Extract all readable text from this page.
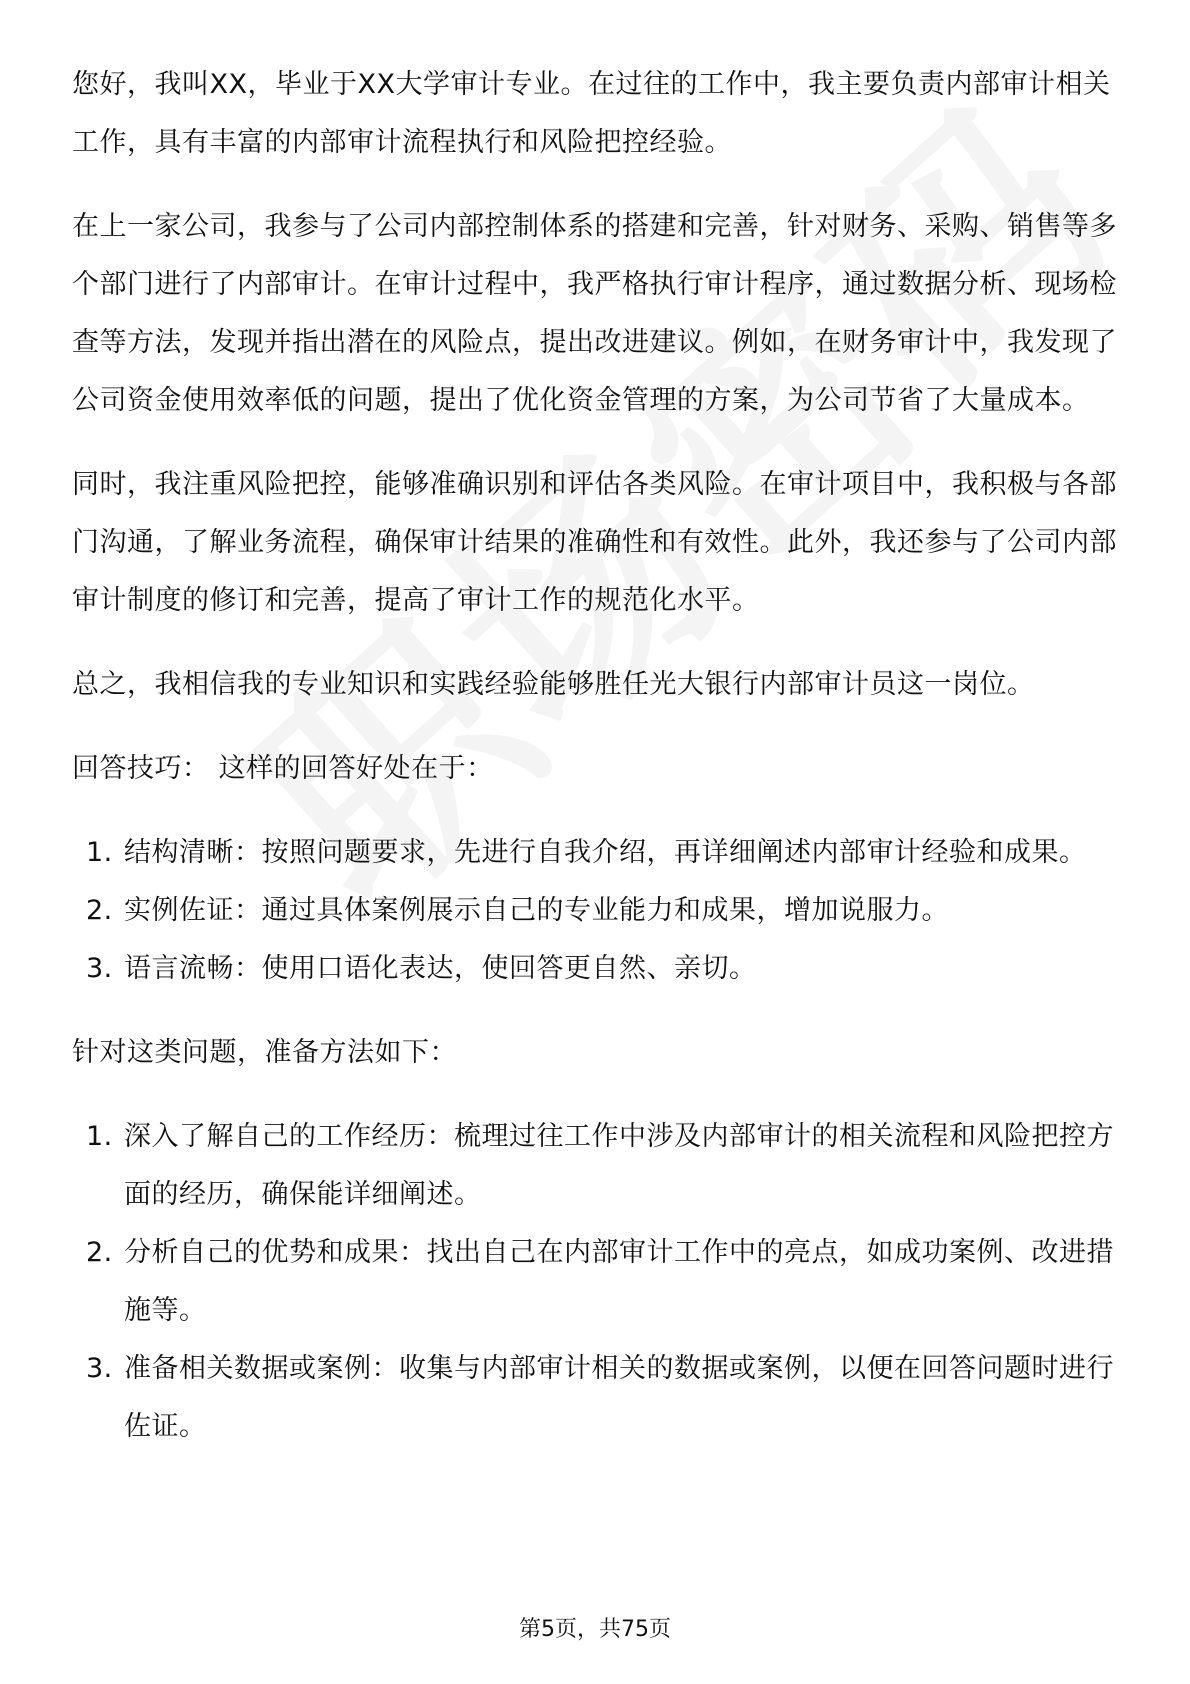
您好，我叫XX，毕业于XX大学审计专业。在过往的工作中，我主要负责内部审计相关工作，具有丰富的内部审计流程执行和风险把控经验。

在上一家公司，我参与了公司内部控制体系的搭建和完善，针对财务、采购、销售等多个部门进行了内部审计。在审计过程中，我严格执行审计程序，通过数据分析、现场检查等方法，发现并指出潜在的风险点，提出改进建议。例如，在财务审计中，我发现了公司资金使用效率低的问题，提出了优化资金管理的方案，为公司节省了大量成本。

同时，我注重风险把控，能够准确识别和评估各类风险。在审计项目中，我积极与各部门沟通，了解业务流程，确保审计结果的准确性和有效性。此外，我还参与了公司内部审计制度的修订和完善，提高了审计工作的规范化水平。

总之，我相信我的专业知识和实践经验能够胜任光大银行内部审计员这一岗位。

回答技巧： 这样的回答好处在于：

1. 结构清晰：按照问题要求，先进行自我介绍，再详细阐述内部审计经验和成果。
2. 实例佐证：通过具体案例展示自己的专业能力和成果，增加说服力。
3. 语言流畅：使用口语化表达，使回答更自然、亲切。

针对这类问题，准备方法如下：

1. 深入了解自己的工作经历：梳理过往工作中涉及内部审计的相关流程和风险把控方面的经历，确保能详细阐述。
2. 分析自己的优势和成果：找出自己在内部审计工作中的亮点，如成功案例、改进措施等。
3. 准备相关数据或案例：收集与内部审计相关的数据或案例，以便在回答问题时进行佐证。
第5页，共75页
